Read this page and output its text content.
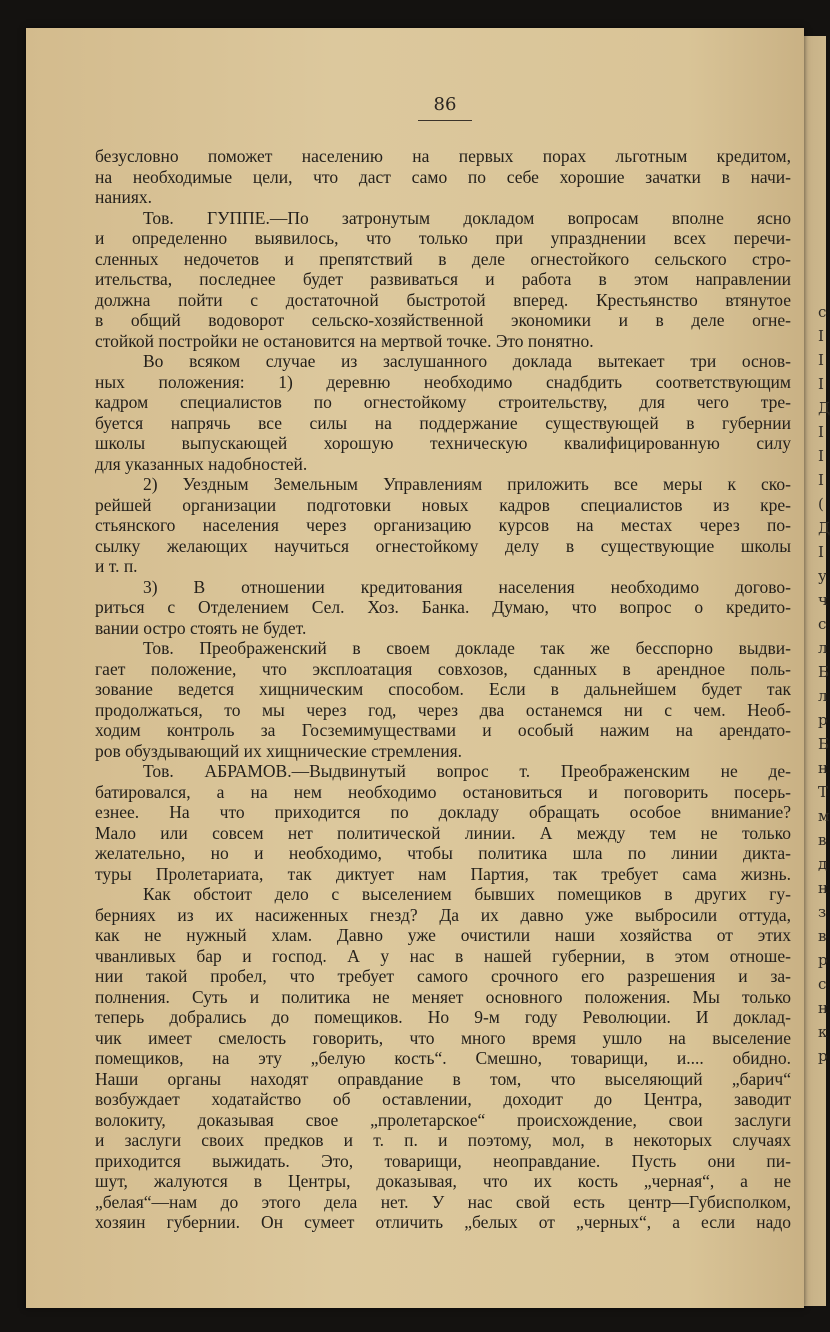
с I I I Д I I I ( Д I у ч с л Б л р Б н Т м в д н з в р с н к р
86
безусловно поможет населению на первых порах льготным кредитом,
на необходимые цели, что даст само по себе хорошие зачатки в начи-
наниях.
Тов. ГУППЕ.—По затронутым докладом вопросам вполне ясно
и определенно выявилось, что только при упразднении всех перечи-
сленных недочетов и препятствий в деле огнестойкого сельского стро-
ительства, последнее будет развиваться и работа в этом направлении
должна пойти с достаточной быстротой вперед. Крестьянство втянутое
в общий водоворот сельско-хозяйственной экономики и в деле огне-
стойкой постройки не остановится на мертвой точке. Это понятно.
Во всяком случае из заслушанного доклада вытекает три основ-
ных положения: 1) деревню необходимо снадбдить соответствующим
кадром специалистов по огнестойкому строительству, для чего тре-
буется напрячь все силы на поддержание существующей в губернии
школы выпускающей хорошую техническую квалифицированную силу
для указанных надобностей.
2) Уездным Земельным Управлениям приложить все меры к ско-
рейшей организации подготовки новых кадров специалистов из кре-
стьянского населения через организацию курсов на местах через по-
сылку желающих научиться огнестойкому делу в существующие школы
и т. п.
3) В отношении кредитования населения необходимо догово-
риться с Отделением Сел. Хоз. Банка. Думаю, что вопрос о кредито-
вании остро стоять не будет.
Тов. Преображенский в своем докладе так же бесспорно выдви-
гает положение, что эксплоатация совхозов, сданных в арендное поль-
зование ведется хищническим способом. Если в дальнейшем будет так
продолжаться, то мы через год, через два останемся ни с чем. Необ-
ходим контроль за Госземимуществами и особый нажим на арендато-
ров обуздывающий их хищнические стремления.
Тов. АБРАМОВ.—Выдвинутый вопрос т. Преображенским не де-
батировался, а на нем необходимо остановиться и поговорить посерь-
езнее. На что приходится по докладу обращать особое внимание?
Мало или совсем нет политической линии. А между тем не только
желательно, но и необходимо, чтобы политика шла по линии дикта-
туры Пролетариата, так диктует нам Партия, так требует сама жизнь.
Как обстоит дело с выселением бывших помещиков в других гу-
берниях из их насиженных гнезд? Да их давно уже выбросили оттуда,
как не нужный хлам. Давно уже очистили наши хозяйства от этих
чванливых бар и господ. А у нас в нашей губернии, в этом отноше-
нии такой пробел, что требует самого срочного его разрешения и за-
полнения. Суть и политика не меняет основного положения. Мы только
теперь добрались до помещиков. Но 9-м году Революции. И доклад-
чик имеет смелость говорить, что много время ушло на выселение
помещиков, на эту „белую кость“. Смешно, товарищи, и.... обидно.
Наши органы находят оправдание в том, что выселяющий „барич“
возбуждает ходатайство об оставлении, доходит до Центра, заводит
волокиту, доказывая свое „пролетарское“ происхождение, свои заслуги
и заслуги своих предков и т. п. и поэтому, мол, в некоторых случаях
приходится выжидать. Это, товарищи, неоправдание. Пусть они пи-
шут, жалуются в Центры, доказывая, что их кость „черная“, а не
„белая“—нам до этого дела нет. У нас свой есть центр—Губисполком,
хозяин губернии. Он сумеет отличить „белых от „черных“, а если надо
